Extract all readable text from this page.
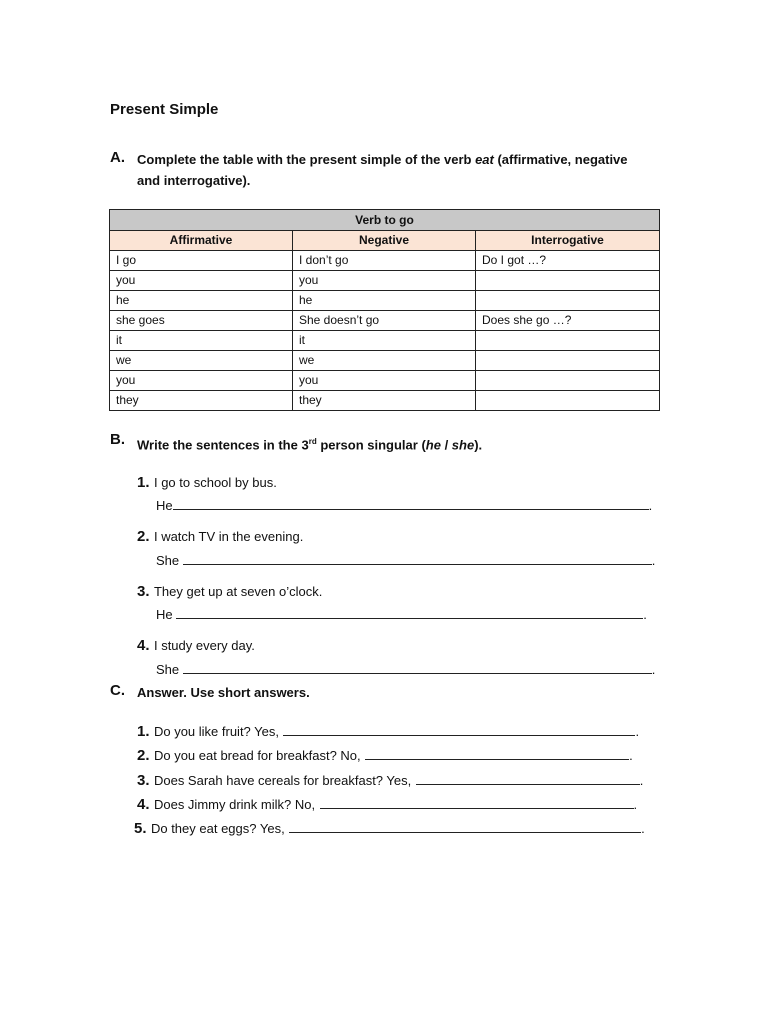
Present Simple
A. Complete the table with the present simple of the verb eat (affirmative, negative
and interrogative).
Verb to go		
Affirmative	Negative	Interrogative
I go	I don’t go	Do I got …?
you	you	
he	he	
she goes	She doesn’t go	Does she go …?
it	it	
we	we	
you	you	
they	they	
B. Write the sentences in the 3rd person singular (he / she).
1. I go to school by bus.
He	.
2. I watch TV in the evening.
She	.
3. They get up at seven o’clock.
He	.
4. I study every day.
She	.
C. Answer. Use short answers.
1. Do you like fruit? Yes,	.
2. Do you eat bread for breakfast? No,	.
3. Does Sarah have cereals for breakfast? Yes,	.
4. Does Jimmy drink milk? No,	.
5. Do they eat eggs? Yes,	.
